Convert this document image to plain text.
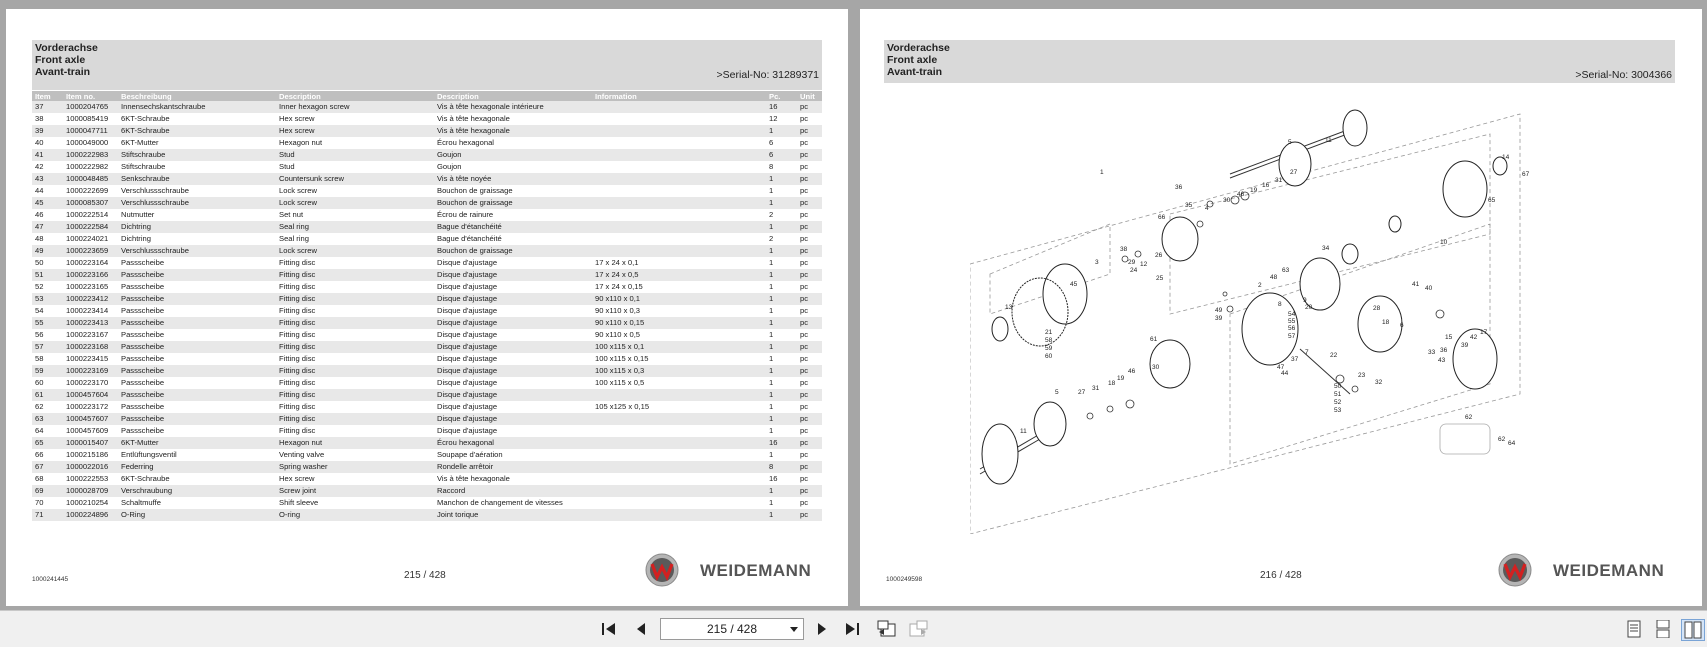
Vorderachse
Front axle
Avant-train	>Serial-No: 31289371
Item	Item no.	Beschreibung	Description	Description	Information	Pc.	Unit
37	1000204765	Innensechskantschraube	Inner hexagon screw	Vis à tête hexagonale intérieure		16	pc
38	1000085419	6KT-Schraube	Hex screw	Vis à tête hexagonale		12	pc
39	1000047711	6KT-Schraube	Hex screw	Vis à tête hexagonale		1	pc
40	1000049000	6KT-Mutter	Hexagon nut	Écrou hexagonal		6	pc
41	1000222983	Stiftschraube	Stud	Goujon		6	pc
42	1000222982	Stiftschraube	Stud	Goujon		8	pc
43	1000048485	Senkschraube	Countersunk screw	Vis à tête noyée		1	pc
44	1000222699	Verschlussschraube	Lock screw	Bouchon de graissage		1	pc
45	1000085307	Verschlussschraube	Lock screw	Bouchon de graissage		1	pc
46	1000222514	Nutmutter	Set nut	Écrou de rainure		2	pc
47	1000222584	Dichtring	Seal ring	Bague d'étanchéité		1	pc
48	1000224021	Dichtring	Seal ring	Bague d'étanchéité		2	pc
49	1000223659	Verschlussschraube	Lock screw	Bouchon de graissage		1	pc
50	1000223164	Passscheibe	Fitting disc	Disque d'ajustage	17 x 24 x 0,1	1	pc
51	1000223166	Passscheibe	Fitting disc	Disque d'ajustage	17 x 24 x 0,5	1	pc
52	1000223165	Passscheibe	Fitting disc	Disque d'ajustage	17 x 24 x 0,15	1	pc
53	1000223412	Passscheibe	Fitting disc	Disque d'ajustage	90 x110 x 0,1	1	pc
54	1000223414	Passscheibe	Fitting disc	Disque d'ajustage	90 x110 x 0,3	1	pc
55	1000223413	Passscheibe	Fitting disc	Disque d'ajustage	90 x110 x 0,15	1	pc
56	1000223167	Passscheibe	Fitting disc	Disque d'ajustage	90 x110 x 0,5	1	pc
57	1000223168	Passscheibe	Fitting disc	Disque d'ajustage	100 x115 x 0,1	1	pc
58	1000223415	Passscheibe	Fitting disc	Disque d'ajustage	100 x115 x 0,15	1	pc
59	1000223169	Passscheibe	Fitting disc	Disque d'ajustage	100 x115 x 0,3	1	pc
60	1000223170	Passscheibe	Fitting disc	Disque d'ajustage	100 x115 x 0,5	1	pc
61	1000457604	Passscheibe	Fitting disc	Disque d'ajustage		1	pc
62	1000223172	Passscheibe	Fitting disc	Disque d'ajustage	105 x125 x 0,15	1	pc
63	1000457607	Passscheibe	Fitting disc	Disque d'ajustage		1	pc
64	1000457609	Passscheibe	Fitting disc	Disque d'ajustage		1	pc
65	1000015407	6KT-Mutter	Hexagon nut	Écrou hexagonal		16	pc
66	1000215186	Entlüftungsventil	Venting valve	Soupape d'aération		1	pc
67	1000022016	Federring	Spring washer	Rondelle arrêtoir		8	pc
68	1000222553	6KT-Schraube	Hex screw	Vis à tête hexagonale		16	pc
69	1000028709	Verschraubung	Screw joint	Raccord		1	pc
70	1000210254	Schaltmuffe	Shift sleeve	Manchon de changement de vitesses		1	pc
71	1000224896	O-Ring	O-ring	Joint torique		1	pc
1000241445	215 / 428	WEIDEMANN
Vorderachse
Front axle
Avant-train	>Serial-No: 3004366
1
11
5
14
67
65
36
66
35 4
30
46
19
16
31
27
10
38
3	29
24
12
26
25
34
63
48
2
45
13
21
58
59
60
61
49
39
9
8
54
55
56
57
20
41
40
28
18 6
15
33 36
43
42
17
39
37
47
44
7	22
50
51
52
53
23
32
5	27
31
18
19
46
30
11
62
62
64
1000249598	216 / 428	WEIDEMANN
215 / 428
